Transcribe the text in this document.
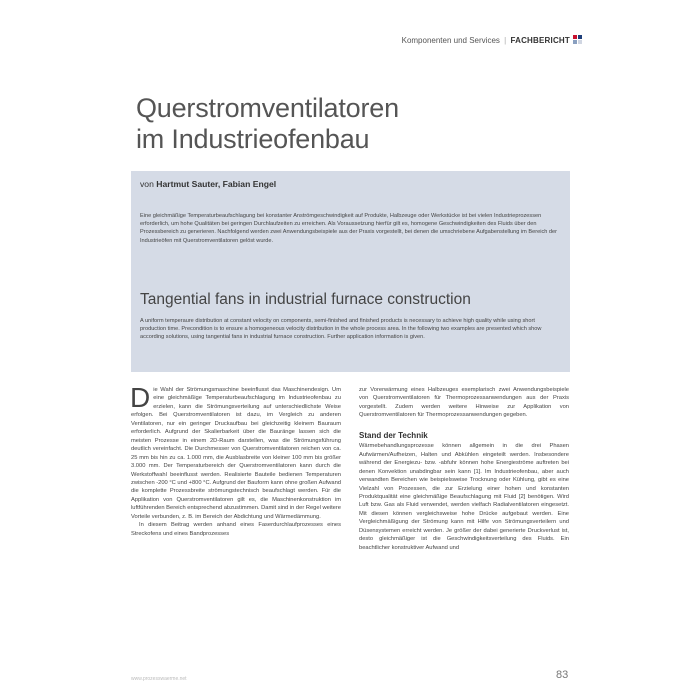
Komponenten und Services | FACHBERICHT
Querstromventilatoren
im Industrieofenbau
von Hartmut Sauter, Fabian Engel

Eine gleichmäßige Temperaturbeaufschlagung bei konstanter Anströmgeschwindigkeit auf Produkte, Halbzeuge oder Werkstücke ist bei vielen Industrieprozessen erforderlich, um hohe Qualitäten bei geringen Durchlaufzeiten zu erreichen. Als Voraussetzung hierfür gilt es, homogene Geschwindigkeiten des Fluids über den Prozessbereich zu generieren. Nachfolgend werden zwei Anwendungsbeispiele aus der Praxis vorgestellt, bei denen die umschriebene Aufgabenstellung im Bereich der Industrieöfen mit Querstromventilatoren gelöst wurde.

Tangential fans in industrial furnace construction

A uniform temperaure distribution at constant velocity on components, semi-finished and finished products is necessary to achieve high quality while using short production time. Precondition is to ensure a homogeneous velocity distribution in the whole process area. In the following two examples are presented which show according solutions, using tangential fans in industrial furnace construction. Further application information is given.

Die Wahl der Strömungsmaschine beeinflusst das Maschinendesign. Um eine gleichmäßige Temperaturbeaufschlagung im Industrieofenbau zu erzielen, kann die Strömungsverteilung auf unterschiedlichste Weise erfolgen. Bei Querstromventilatoren ist dazu, im Vergleich zu anderen Ventilatoren, nur ein geringer Druckaufbau bei gleichzeitig kleinem Bauraum erforderlich. Aufgrund der Skalierbarkeit über die Bauränge lassen sich die meisten Prozesse in einem 2D-Raum darstellen, was die Strömungsführung deutlich vereinfacht. Die Durchmesser von Querstromventilatoren reichen von ca. 25 mm bis hin zu ca. 1.000 mm, die Ausblasbreite von kleiner 100 mm bis größer 3.000 mm. Der Temperaturbereich der Querstromventilatoren kann durch die Werkstoffwahl beeinflusst werden. Realisierte Bauteile bedienen Temperaturen zwischen -200 °C und +800 °C. Aufgrund der Bauform kann ohne großen Aufwand die komplette Prozessbreite strömungstechnisch beaufschlagt werden. Für die Applikation von Querstromventilatoren gilt es, die Maschinenkonstruktion im luftführenden Bereich entsprechend abzustimmen. Damit sind in der Regel weitere Vorteile verbunden, z. B. im Bereich der Abdichtung und Wärmedämmung.

In diesem Beitrag werden anhand eines Faserdurchlaufprozesses eines Streckofens und eines Bandprozesses

zur Vorerwärmung eines Halbzeuges exemplarisch zwei Anwendungsbeispiele von Querstromventilatoren für Thermoprozessanwendungen aus der Praxis vorgestellt. Zudem werden weitere Hinweise zur Applikation von Querstromventilatoren für Thermoprozessanwendungen gegeben.

Stand der Technik

Wärmebehandlungsprozesse können allgemein in die drei Phasen Aufwärmen/Aufheizen, Halten und Abkühlen eingeteilt werden. Insbesondere während der Energiezu- bzw. -abfuhr können hohe Energieströme auftreten bei denen Konvektion unabdingbar sein kann [1]. Im Industrieofenbau, aber auch verwandten Bereichen wie beispielsweise Trocknung oder Kühlung, gibt es eine Vielzahl von Prozessen, die zur Erzielung einer hohen und konstanten Produktqualität eine gleichmäßige Beaufschlagung mit Fluid [2] benötigen. Wird Luft bzw. Gas als Fluid verwendet, werden vielfach Radialventilatoren eingesetzt. Mit diesen können vergleichsweise hohe Drücke aufgebaut werden. Eine Vergleichmäßigung der Strömung kann mit Hilfe von Strömungsverteilern und Düsensystemen erreicht werden. Je größer der dabei generierte Druckverlust ist, desto gleichmäßiger ist die Geschwindigkeitsverteilung des Fluids. Ein beachtlicher konstruktiver Aufwand und

www.prozesswaerme.net	83
